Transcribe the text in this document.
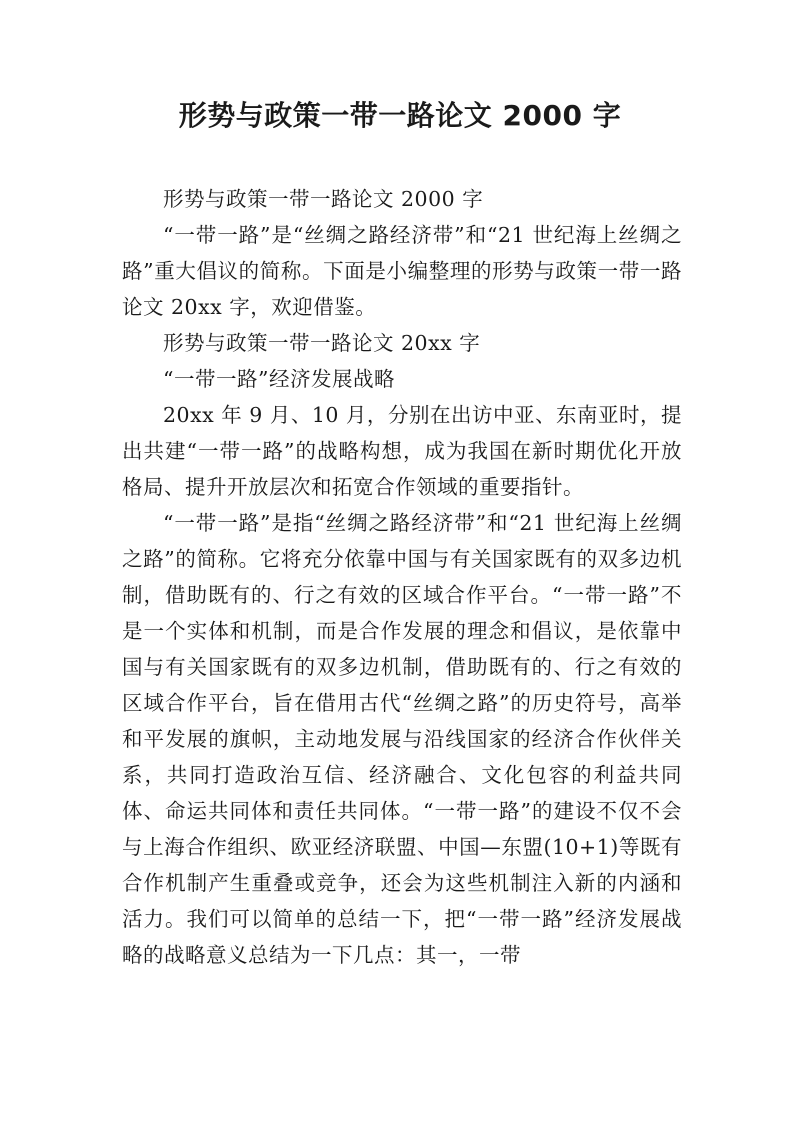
形势与政策一带一路论文 2000 字

形势与政策一带一路论文 2000 字

“一带一路”是“丝绸之路经济带”和“21 世纪海上丝绸之路”重大倡议的简称。下面是小编整理的形势与政策一带一路论文 20xx 字，欢迎借鉴。

形势与政策一带一路论文 20xx 字

“一带一路”经济发展战略

20xx 年 9 月、10 月，分别在出访中亚、东南亚时，提出共建“一带一路”的战略构想，成为我国在新时期优化开放格局、提升开放层次和拓宽合作领域的重要指针。

“一带一路”是指“丝绸之路经济带”和“21 世纪海上丝绸之路”的简称。它将充分依靠中国与有关国家既有的双多边机制，借助既有的、行之有效的区域合作平台。“一带一路”不是一个实体和机制，而是合作发展的理念和倡议，是依靠中国与有关国家既有的双多边机制，借助既有的、行之有效的区域合作平台，旨在借用古代“丝绸之路”的历史符号，高举和平发展的旗帜，主动地发展与沿线国家的经济合作伙伴关系，共同打造政治互信、经济融合、文化包容的利益共同体、命运共同体和责任共同体。“一带一路”的建设不仅不会与上海合作组织、欧亚经济联盟、中国—东盟(10+1)等既有合作机制产生重叠或竞争，还会为这些机制注入新的内涵和活力。我们可以简单的总结一下，把“一带一路”经济发展战略的战略意义总结为一下几点：其一，一带
